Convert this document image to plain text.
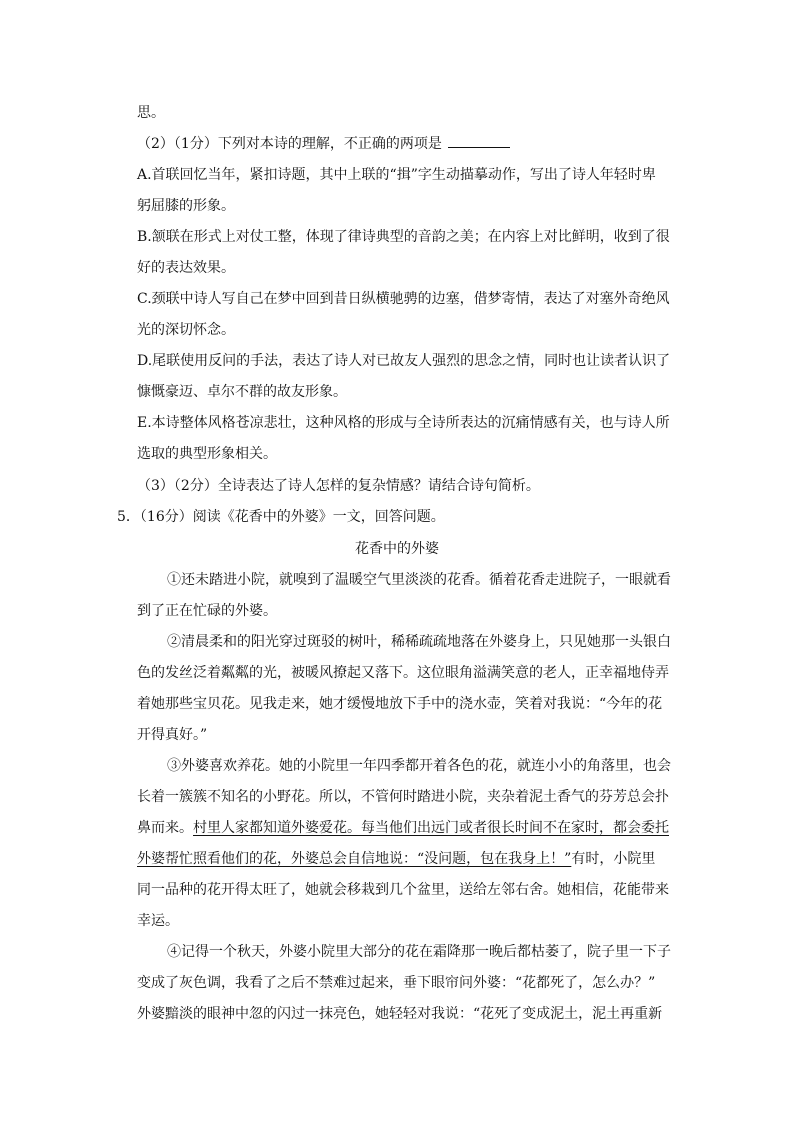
思。
（2）（1分）下列对本诗的理解，不正确的两项是
A.首联回忆当年，紧扣诗题，其中上联的“揖”字生动描摹动作，写出了诗人年轻时卑
躬屈膝的形象。
B.颔联在形式上对仗工整，体现了律诗典型的音韵之美；在内容上对比鲜明，收到了很
好的表达效果。
C.颈联中诗人写自己在梦中回到昔日纵横驰骋的边塞，借梦寄情，表达了对塞外奇绝风
光的深切怀念。
D.尾联使用反问的手法，表达了诗人对已故友人强烈的思念之情，同时也让读者认识了
慷慨豪迈、卓尔不群的故友形象。
E.本诗整体风格苍凉悲壮，这种风格的形成与全诗所表达的沉痛情感有关，也与诗人所
选取的典型形象相关。
（3）（2分）全诗表达了诗人怎样的复杂情感？请结合诗句简析。
5．（16分）阅读《花香中的外婆》一文，回答问题。
花香中的外婆
①还未踏进小院，就嗅到了温暖空气里淡淡的花香。循着花香走进院子，一眼就看
到了正在忙碌的外婆。
②清晨柔和的阳光穿过斑驳的树叶，稀稀疏疏地落在外婆身上，只见她那一头银白
色的发丝泛着粼粼的光，被暖风撩起又落下。这位眼角溢满笑意的老人，正幸福地侍弄
着她那些宝贝花。见我走来，她才缓慢地放下手中的浇水壶，笑着对我说：“今年的花
开得真好。”
③外婆喜欢养花。她的小院里一年四季都开着各色的花，就连小小的角落里，也会
长着一簇簇不知名的小野花。所以，不管何时踏进小院，夹杂着泥土香气的芬芳总会扑
鼻而来。村里人家都知道外婆爱花。每当他们出远门或者很长时间不在家时，都会委托
外婆帮忙照看他们的花，外婆总会自信地说：“没问题，包在我身上！”有时，小院里
同一品种的花开得太旺了，她就会移栽到几个盆里，送给左邻右舍。她相信，花能带来
幸运。
④记得一个秋天，外婆小院里大部分的花在霜降那一晚后都枯萎了，院子里一下子
变成了灰色调，我看了之后不禁难过起来，垂下眼帘问外婆：“花都死了，怎么办？”
外婆黯淡的眼神中忽的闪过一抹亮色，她轻轻对我说：“花死了变成泥土，泥土再重新
